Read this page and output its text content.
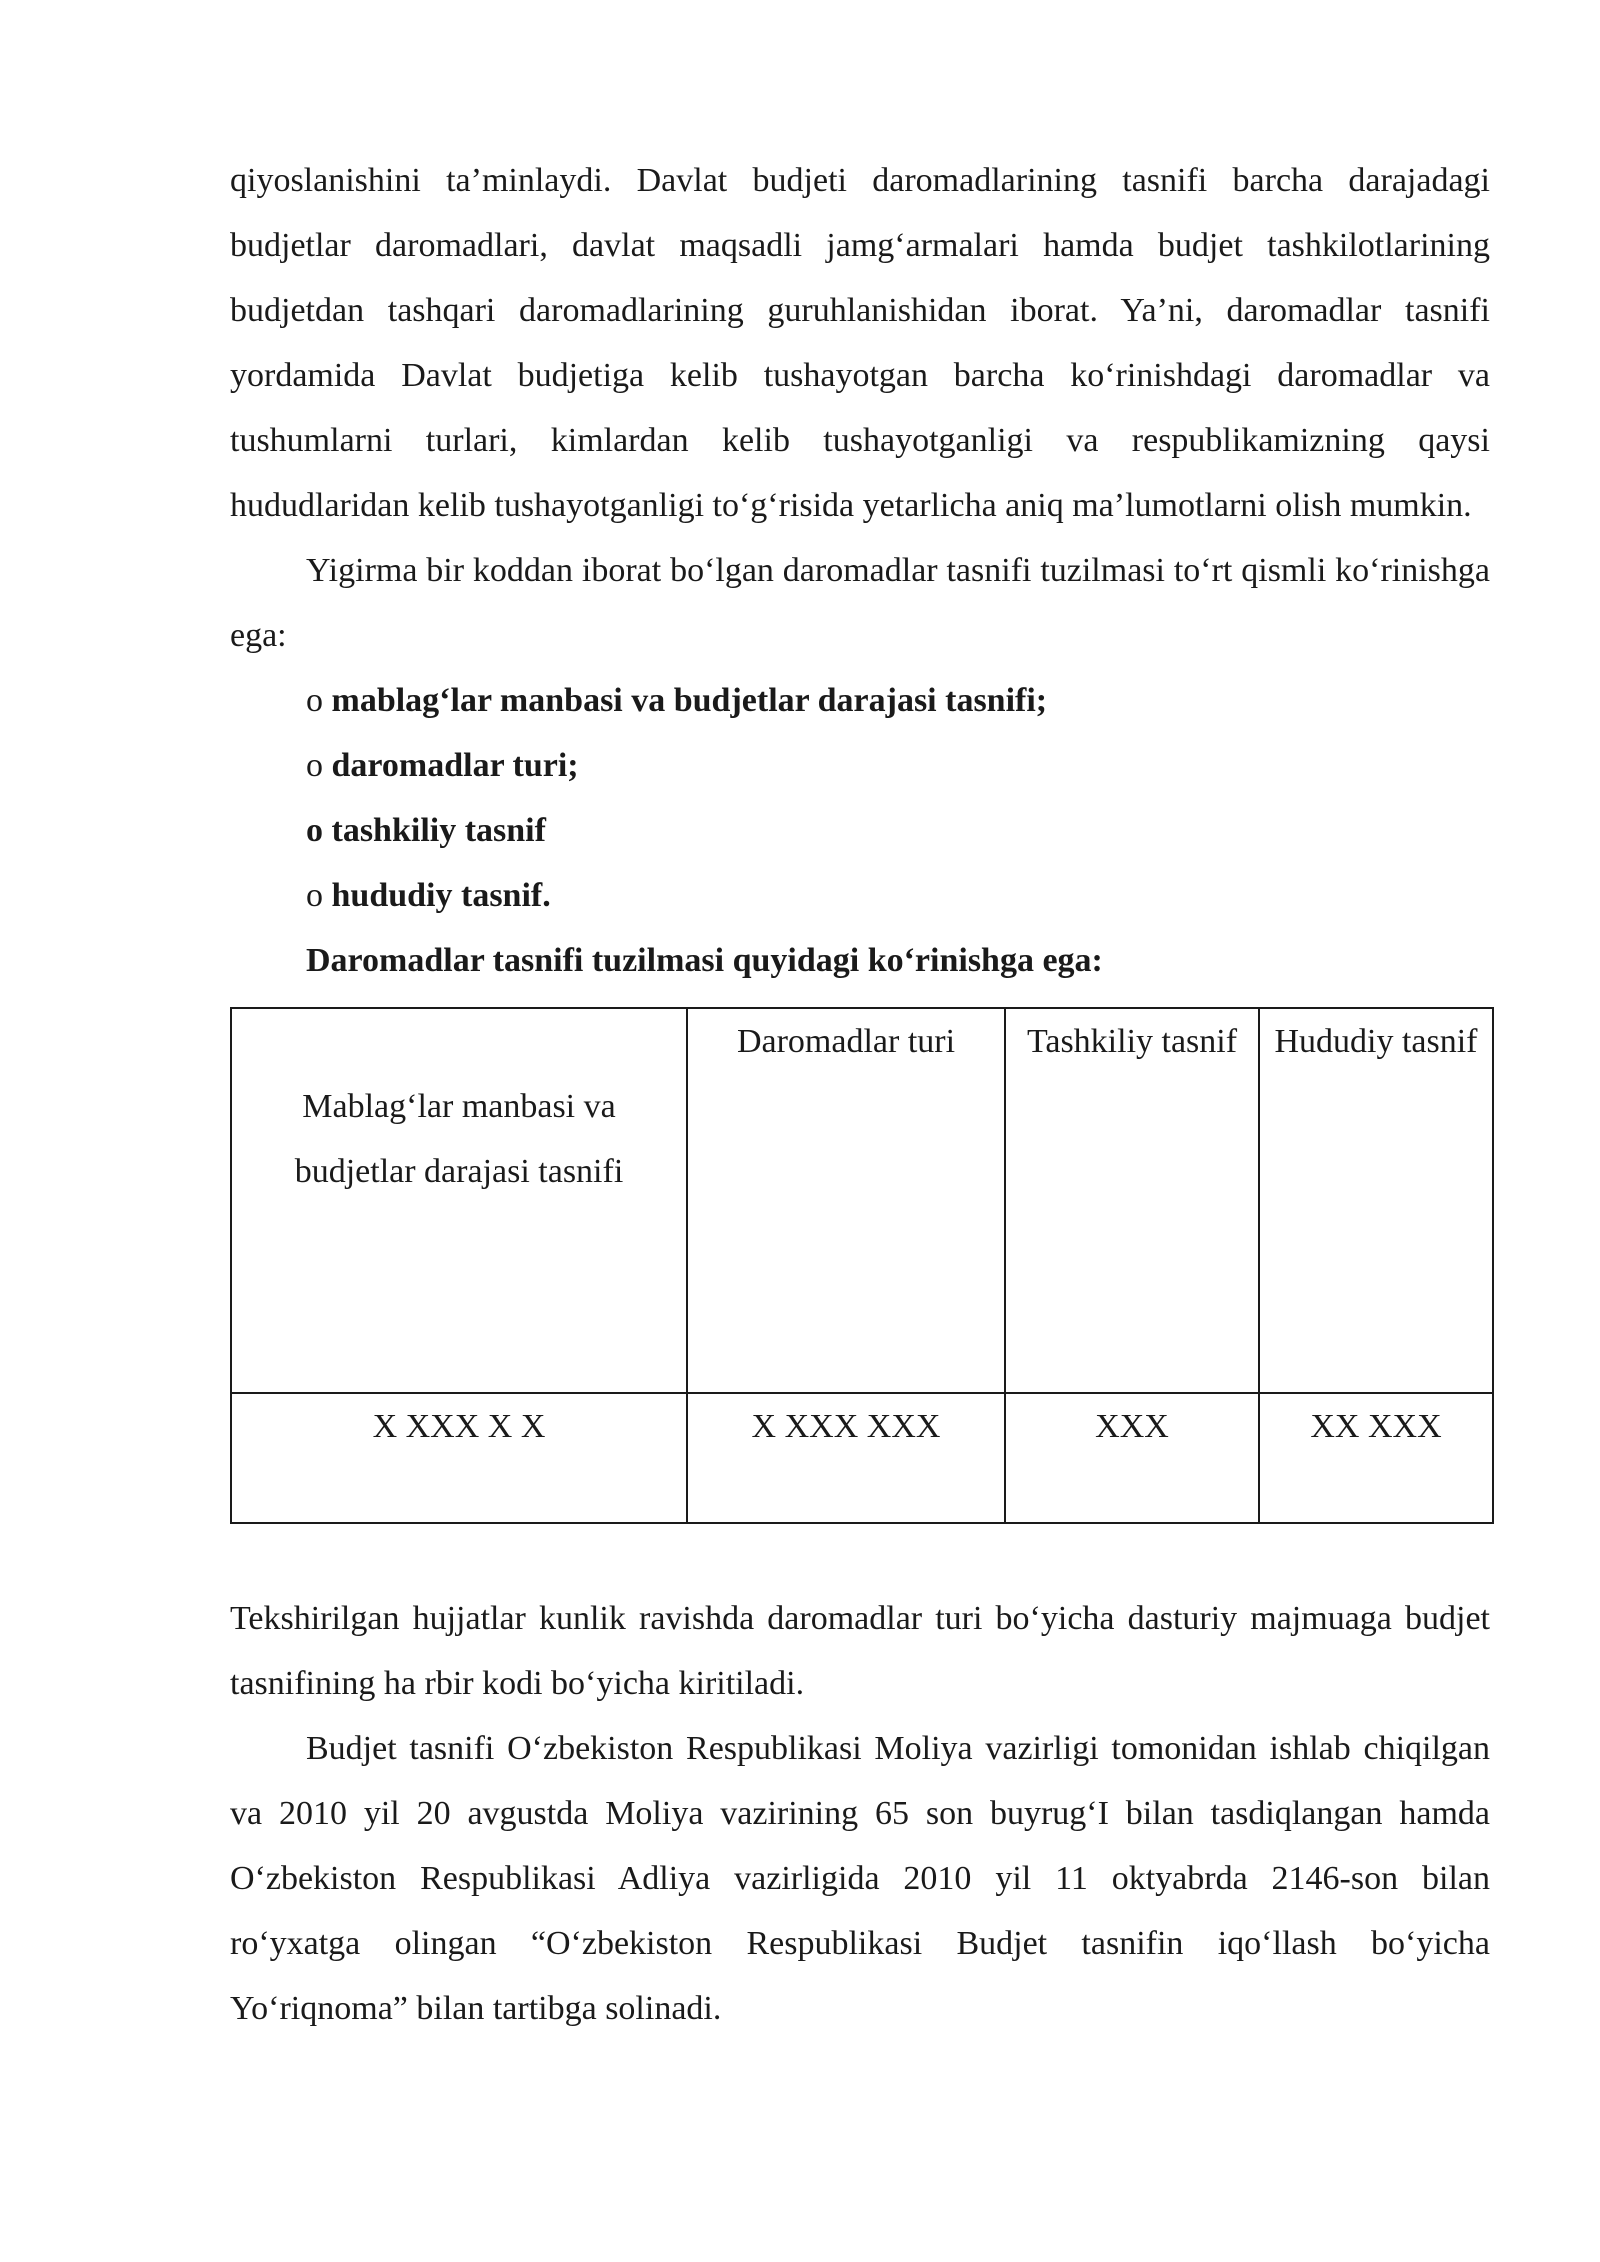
qiyoslanishini ta’minlaydi. Davlat budjeti daromadlarining tasnifi barcha darajadagi budjetlar daromadlari, davlat maqsadli jamg‘armalari hamda budjet tashkilotlarining budjetdan tashqari daromadlarining guruhlanishidan iborat. Ya’ni, daromadlar tasnifi yordamida Davlat budjetiga kelib tushayotgan barcha ko‘rinishdagi daromadlar va tushumlarni turlari, kimlardan kelib tushayotganligi va respublikamizning qaysi hududlaridan kelib tushayotganligi to‘g‘risida yetarlicha aniq ma’lumotlarni olish mumkin.

Yigirma bir koddan iborat bo‘lgan daromadlar tasnifi tuzilmasi to‘rt qismli ko‘rinishga ega:

o mablag‘lar manbasi va budjetlar darajasi tasnifi;
o daromadlar turi;
o tashkiliy tasnif
o hududiy tasnif.
Daromadlar tasnifi tuzilmasi quyidagi ko‘rinishga ega:
Mablag‘lar manbasi va budjetlar darajasi tasnifi	Daromadlar turi	Tashkiliy tasnif	Hududiy tasnif
X XXX X X	X XXX XXX	XXX	XX XXX

Tekshirilgan hujjatlar kunlik ravishda daromadlar turi bo‘yicha dasturiy majmuaga budjet tasnifining ha rbir kodi bo‘yicha kiritiladi.

Budjet tasnifi O‘zbekiston Respublikasi Moliya vazirligi tomonidan ishlab chiqilgan va 2010 yil 20 avgustda Moliya vazirining 65 son buyrug‘I bilan tasdiqlangan hamda O‘zbekiston Respublikasi Adliya vazirligida 2010 yil 11 oktyabrda 2146-son bilan ro‘yxatga olingan “O‘zbekiston Respublikasi Budjet tasnifin iqo‘llash bo‘yicha Yo‘riqnoma” bilan tartibga solinadi.
